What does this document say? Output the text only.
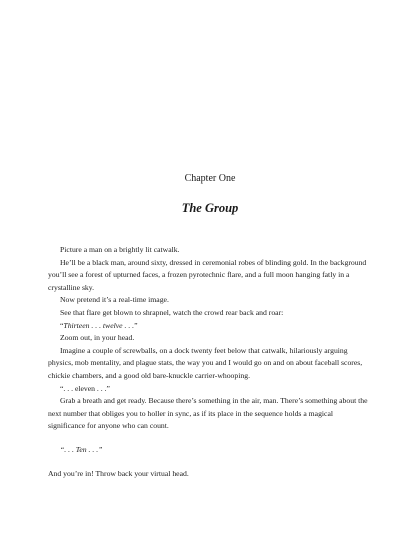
Chapter One
The Group

Picture a man on a brightly lit catwalk.

He’ll be a black man, around sixty, dressed in ceremonial robes of blinding gold. In the background you’ll see a forest of upturned faces, a frozen pyrotechnic flare, and a full moon hanging fatly in a crystalline sky.

Now pretend it’s a real-time image.

See that flare get blown to shrapnel, watch the crowd rear back and roar:

“Thirteen . . . twelve . . .”

Zoom out, in your head.

Imagine a couple of screwballs, on a dock twenty feet below that catwalk, hilariously arguing physics, mob mentality, and plague stats, the way you and I would go on and on about faceball scores, chickie chambers, and a good old bare-knuckle carrier-whooping.

“. . . eleven . . .”

Grab a breath and get ready. Because there’s something in the air, man. There’s something about the next number that obliges you to holler in sync, as if its place in the sequence holds a magical significance for anyone who can count.

“. . . Ten . . .”

And you’re in! Throw back your virtual head.
